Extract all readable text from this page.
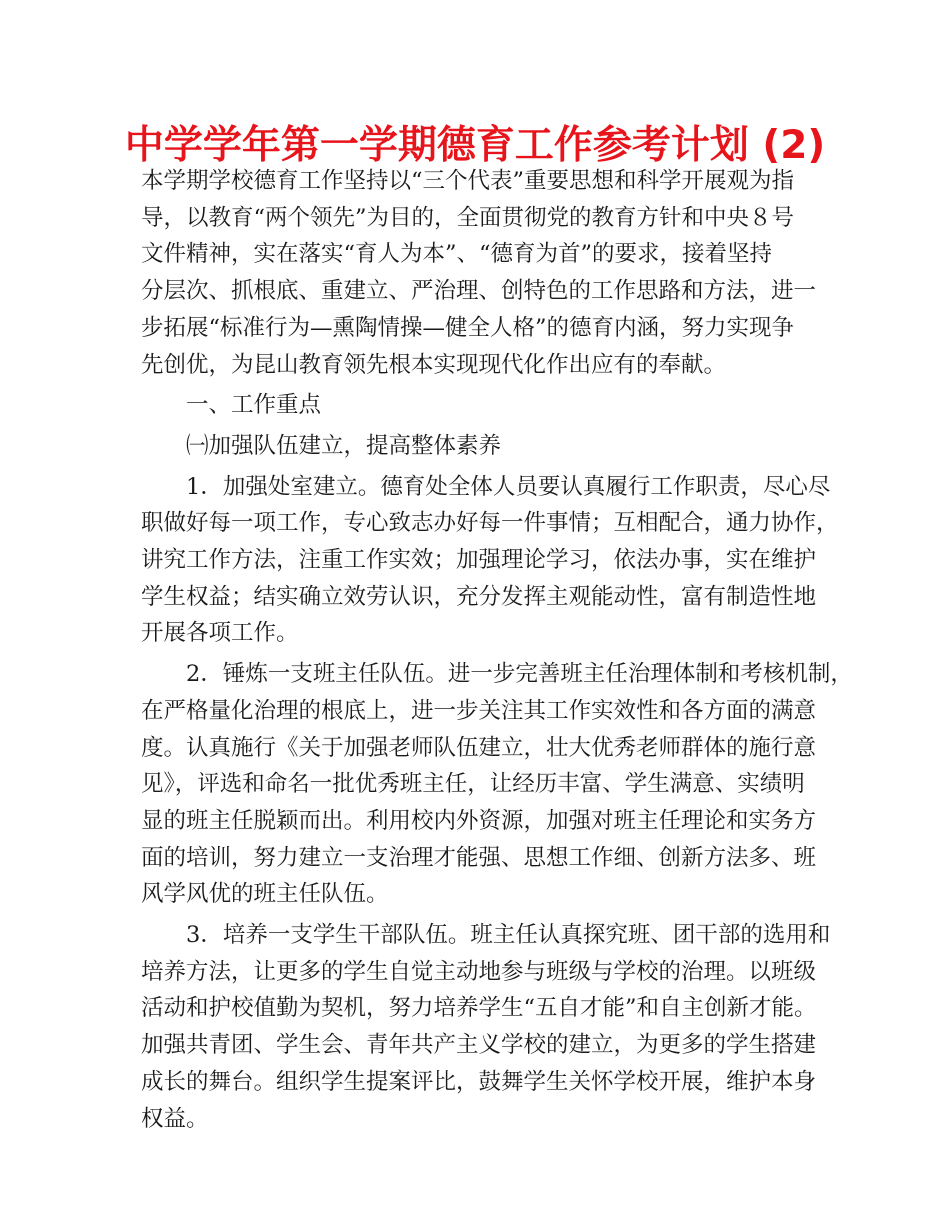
中学学年第一学期德育工作参考计划 (2)
本学期学校德育工作坚持以“三个代表”重要思想和科学开展观为指
导，以教育“两个领先”为目的，全面贯彻党的教育方针和中央８号
文件精神，实在落实“育人为本”、“德育为首”的要求，接着坚持
分层次、抓根底、重建立、严治理、创特色的工作思路和方法，进一
步拓展“标准行为—熏陶情操—健全人格”的德育内涵，努力实现争
先创优，为昆山教育领先根本实现现代化作出应有的奉献。
一、工作重点
㈠加强队伍建立，提高整体素养
1．加强处室建立。德育处全体人员要认真履行工作职责，尽心尽
职做好每一项工作，专心致志办好每一件事情；互相配合，通力协作，
讲究工作方法，注重工作实效；加强理论学习，依法办事，实在维护
学生权益；结实确立效劳认识，充分发挥主观能动性，富有制造性地
开展各项工作。
2．锤炼一支班主任队伍。进一步完善班主任治理体制和考核机制，
在严格量化治理的根底上，进一步关注其工作实效性和各方面的满意
度。认真施行《关于加强老师队伍建立，壮大优秀老师群体的施行意
见》，评选和命名一批优秀班主任，让经历丰富、学生满意、实绩明
显的班主任脱颖而出。利用校内外资源，加强对班主任理论和实务方
面的培训，努力建立一支治理才能强、思想工作细、创新方法多、班
风学风优的班主任队伍。
3．培养一支学生干部队伍。班主任认真探究班、团干部的选用和
培养方法，让更多的学生自觉主动地参与班级与学校的治理。以班级
活动和护校值勤为契机，努力培养学生“五自才能”和自主创新才能。
加强共青团、学生会、青年共产主义学校的建立，为更多的学生搭建
成长的舞台。组织学生提案评比，鼓舞学生关怀学校开展，维护本身
权益。
